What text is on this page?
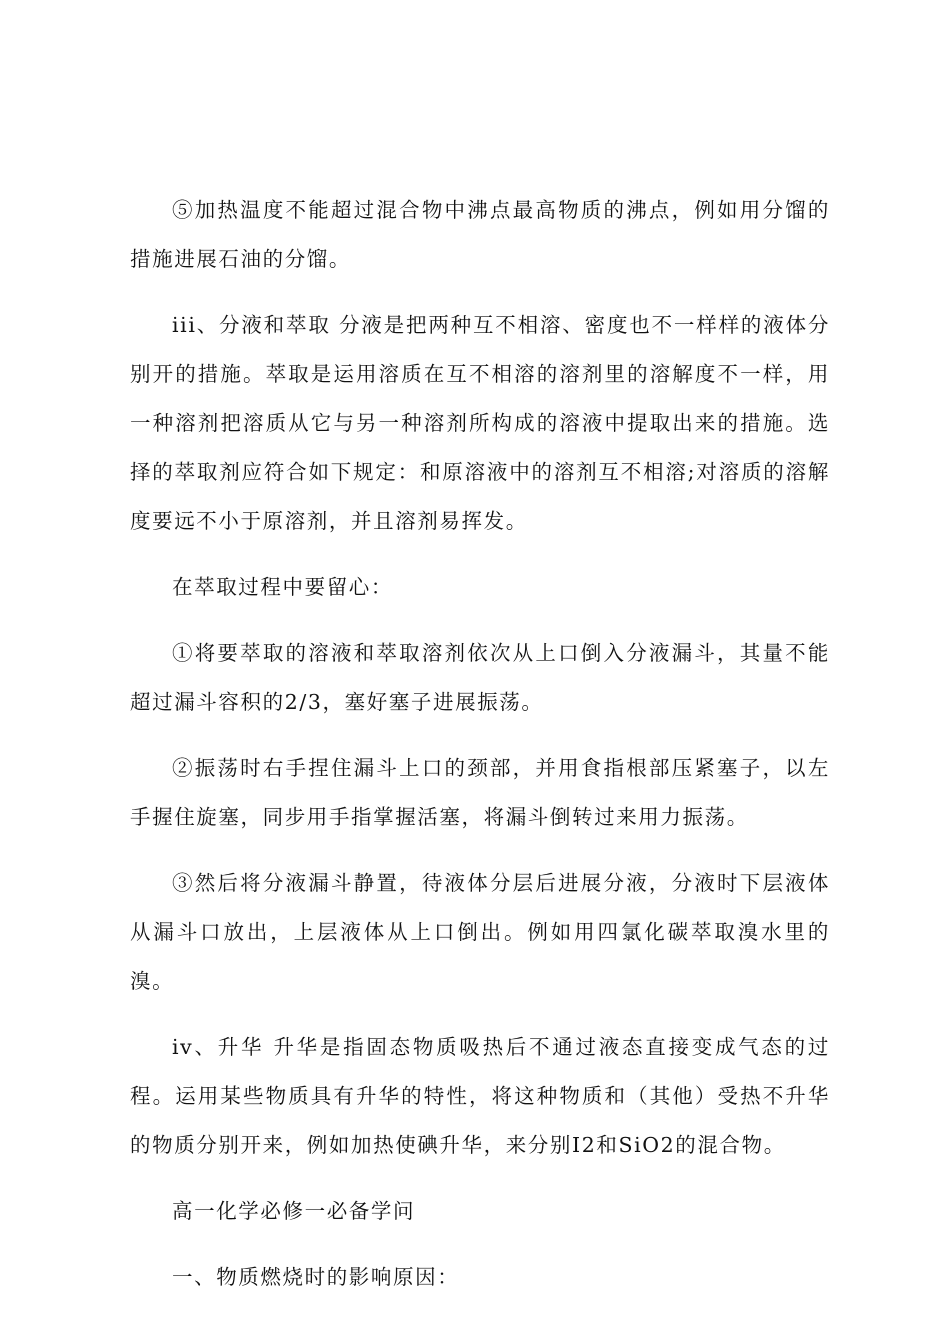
⑤加热温度不能超过混合物中沸点最高物质的沸点，例如用分馏的措施进展石油的分馏。

iii、分液和萃取 分液是把两种互不相溶、密度也不一样样的液体分别开的措施。萃取是运用溶质在互不相溶的溶剂里的溶解度不一样，用一种溶剂把溶质从它与另一种溶剂所构成的溶液中提取出来的措施。选择的萃取剂应符合如下规定：和原溶液中的溶剂互不相溶;对溶质的溶解度要远不小于原溶剂，并且溶剂易挥发。

在萃取过程中要留心：

①将要萃取的溶液和萃取溶剂依次从上口倒入分液漏斗，其量不能超过漏斗容积的2/3，塞好塞子进展振荡。

②振荡时右手捏住漏斗上口的颈部，并用食指根部压紧塞子，以左手握住旋塞，同步用手指掌握活塞，将漏斗倒转过来用力振荡。

③然后将分液漏斗静置，待液体分层后进展分液，分液时下层液体从漏斗口放出，上层液体从上口倒出。例如用四氯化碳萃取溴水里的溴。

iv、升华 升华是指固态物质吸热后不通过液态直接变成气态的过程。运用某些物质具有升华的特性，将这种物质和（其他）受热不升华的物质分别开来，例如加热使碘升华，来分别I2和SiO2的混合物。

高一化学必修一必备学问

一、物质燃烧时的影响原因：
